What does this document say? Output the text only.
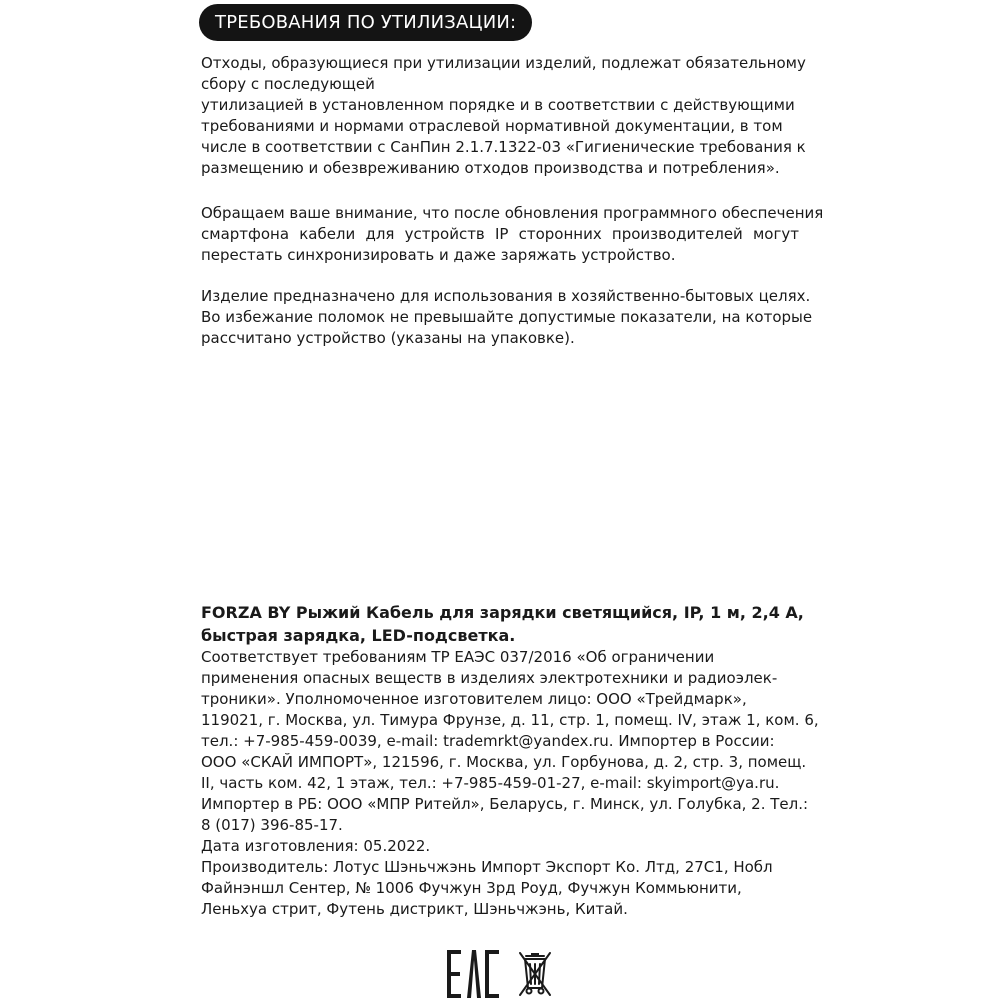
ТРЕБОВАНИЯ ПО УТИЛИЗАЦИИ:
Отходы, образующиеся при утилизации изделий, подлежат обязательному
сбору с последующей
утилизацией в установленном порядке и в соответствии с действующими
требованиями и нормами отраслевой нормативной документации, в том
числе в соответствии с СанПин 2.1.7.1322-03 «Гигиенические требования к
размещению и обезвреживанию отходов производства и потребления».
Обращаем ваше внимание, что после обновления программного обеспечения
смартфона кабели для устройств IP сторонних производителей могут
перестать синхронизировать и даже заряжать устройство.
Изделие предназначено для использования в хозяйственно-бытовых целях.
Во избежание поломок не превышайте допустимые показатели, на которые
рассчитано устройство (указаны на упаковке).
FORZA BY Рыжий Кабель для зарядки светящийся, IP, 1 м, 2,4 А,
быстрая зарядка, LED-подсветка.
Соответствует требованиям ТР ЕАЭС 037/2016 «Об ограничении
применения опасных веществ в изделиях электротехники и радиоэлек-
троники». Уполномоченное изготовителем лицо: ООО «Трейдмарк»,
119021, г. Москва, ул. Тимура Фрунзе, д. 11, стр. 1, помещ. IV, этаж 1, ком. 6,
тел.: +7-985-459-0039, e-mail: trademrkt@yandex.ru. Импортер в России:
ООО «СКАЙ ИМПОРТ», 121596, г. Москва, ул. Горбунова, д. 2, стр. 3, помещ.
II, часть ком. 42, 1 этаж, тел.: +7-985-459-01-27, e-mail: skyimport@ya.ru.
Импортер в РБ: ООО «МПР Ритейл», Беларусь, г. Минск, ул. Голубка, 2. Тел.:
8 (017) 396-85-17.
Дата изготовления: 05.2022.
Производитель: Лотус Шэньчжэнь Импорт Экспорт Ко. Лтд, 27С1, Нобл
Файнэншл Сентер, № 1006 Фучжун 3рд Роуд, Фучжун Коммьюнити,
Леньхуа стрит, Футень дистрикт, Шэньчжэнь, Китай.
